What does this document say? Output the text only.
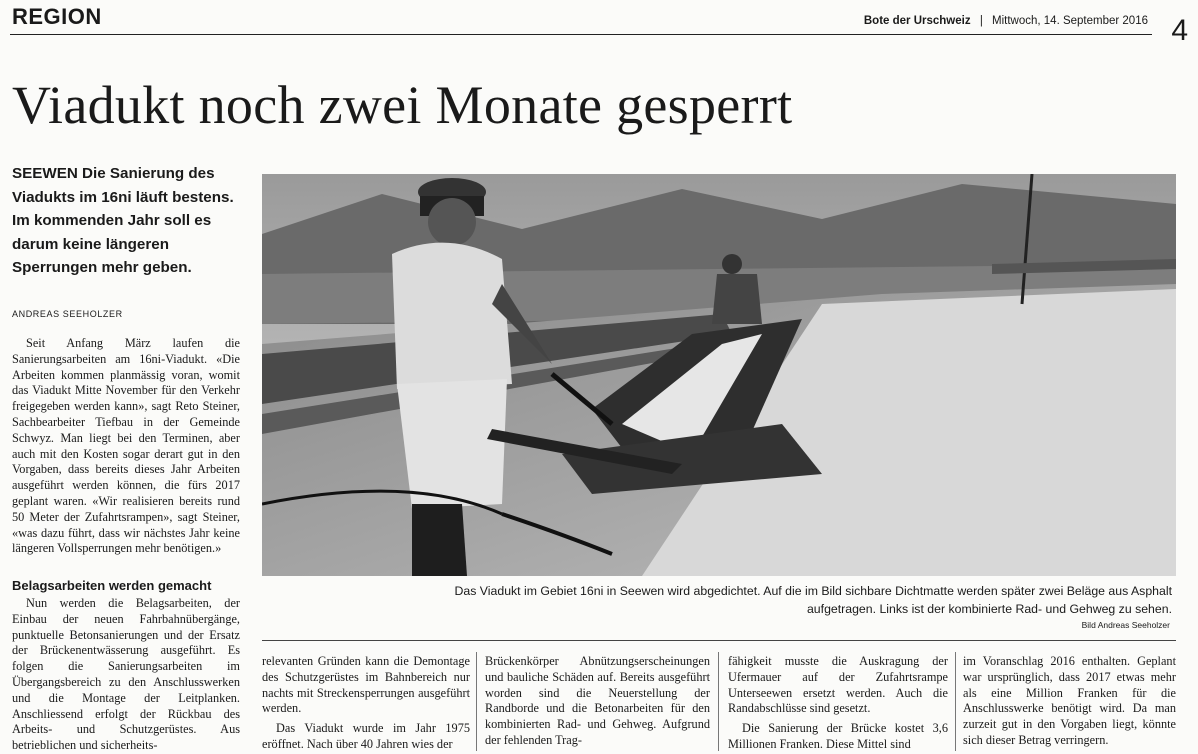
REGION	Bote der Urschweiz | Mittwoch, 14. September 2016 4
Viadukt noch zwei Monate gesperrt
SEEWEN Die Sanierung des Viadukts im 16ni läuft bestens. Im kommenden Jahr soll es darum keine längeren Sperrungen mehr geben.
ANDREAS SEEHOLZER

Seit Anfang März laufen die Sanierungsarbeiten am 16ni-Viadukt. «Die Arbeiten kommen planmässig voran, womit das Viadukt Mitte November für den Verkehr freigegeben werden kann», sagt Reto Steiner, Sachbearbeiter Tiefbau in der Gemeinde Schwyz. Man liegt bei den Terminen, aber auch mit den Kosten sogar derart gut in den Vorgaben, dass bereits dieses Jahr Arbeiten ausgeführt werden können, die fürs 2017 geplant waren. «Wir realisieren bereits rund 50 Meter der Zufahrtsrampen», sagt Steiner, «was dazu führt, dass wir nächstes Jahr keine längeren Vollsperrungen mehr benötigen.»

Belagsarbeiten werden gemacht

Nun werden die Belagsarbeiten, der Einbau der neuen Fahrbahnübergänge, punktuelle Betonsanierungen und der Ersatz der Brückenentwässerung ausgeführt. Es folgen die Sanierungsarbeiten im Übergangsbereich zu den Anschlusswerken und die Montage der Leitplanken. Anschliessend erfolgt der Rückbau des Arbeits- und Schutzgerüstes. Aus betrieblichen und sicherheits-

Das Viadukt im Gebiet 16ni in Seewen wird abgedichtet. Auf die im Bild sichbare Dichtmatte werden später zwei Beläge aus Asphalt aufgetragen. Links ist der kombinierte Rad- und Gehweg zu sehen.
Bild Andreas Seeholzer

relevanten Gründen kann die Demontage des Schutzgerüstes im Bahnbereich nur nachts mit Streckensperrungen ausgeführt werden.

Das Viadukt wurde im Jahr 1975 eröffnet. Nach über 40 Jahren wies der

Brückenkörper Abnützungserscheinungen und bauliche Schäden auf. Bereits ausgeführt worden sind die Neuerstellung der Randborde und die Betonarbeiten für den kombinierten Rad- und Gehweg. Aufgrund der fehlenden Trag-

fähigkeit musste die Auskragung der Ufermauer auf der Zufahrtsrampe Unterseewen ersetzt werden. Auch die Randabschlüsse sind gesetzt.

Die Sanierung der Brücke kostet 3,6 Millionen Franken. Diese Mittel sind

im Voranschlag 2016 enthalten. Geplant war ursprünglich, dass 2017 etwas mehr als eine Million Franken für die Anschlusswerke benötigt wird. Da man zurzeit gut in den Vorgaben liegt, könnte sich dieser Betrag verringern.
